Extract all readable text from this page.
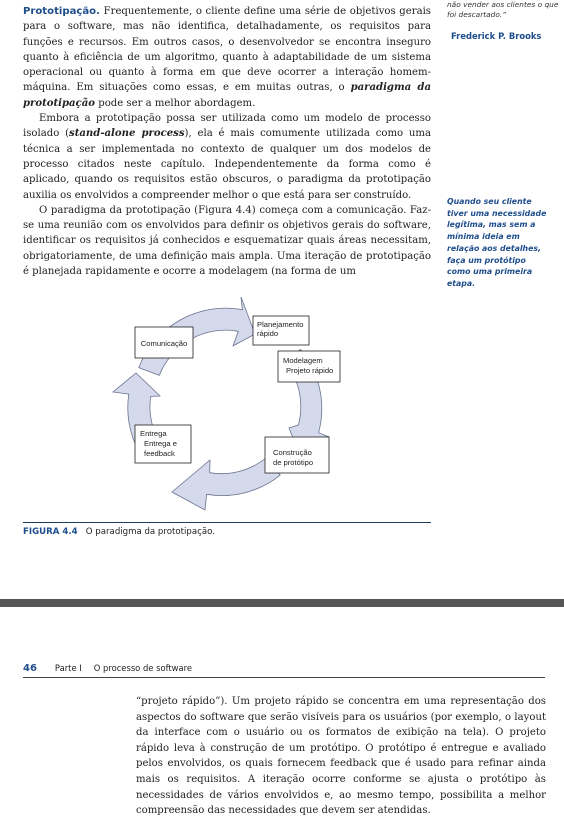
Prototipação. Frequentemente, o cliente define uma série de objetivos gerais para o software, mas não identifica, detalhadamente, os requisitos para funções e recursos. Em outros casos, o desenvolvedor se encontra inseguro quanto à eficiência de um algoritmo, quanto à adaptabilidade de um sistema operacional ou quanto à forma em que deve ocorrer a interação homem-máquina. Em situações como essas, e em muitas outras, o paradigma da prototipação pode ser a melhor abordagem.

Embora a prototipação possa ser utilizada como um modelo de processo isolado (stand-alone process), ela é mais comumente utilizada como uma técnica a ser implementada no contexto de qualquer um dos modelos de processo citados neste capítulo. Independentemente da forma como é aplicado, quando os requisitos estão obscuros, o paradigma da prototipação auxilia os envolvidos a compreender melhor o que está para ser construído.

O paradigma da prototipação (Figura 4.4) começa com a comunicação. Faz-se uma reunião com os envolvidos para definir os objetivos gerais do software, identificar os requisitos já conhecidos e esquematizar quais áreas necessitam, obrigatoriamente, de uma definição mais ampla. Uma iteração de prototipação é planejada rapidamente e ocorre a modelagem (na forma de um

não vender aos clientes o que foi descartado.”
Frederick P. Brooks
Quando seu cliente tiver uma necessidade legítima, mas sem a mínima ideia em relação aos detalhes, faça um protótipo como uma primeira etapa.
Comunicação
Planejamento
rápido
Modelagem
Projeto rápido
Construção
de protótipo
Entrega
Entrega e
feedback
FIGURA 4.4 O paradigma da prototipação.
46 Parte I O processo de software

“projeto rápido”). Um projeto rápido se concentra em uma representação dos aspectos do software que serão visíveis para os usuários (por exemplo, o layout da interface com o usuário ou os formatos de exibição na tela). O projeto rápido leva à construção de um protótipo. O protótipo é entregue e avaliado pelos envolvidos, os quais fornecem feedback que é usado para refinar ainda mais os requisitos. A iteração ocorre conforme se ajusta o protótipo às necessidades de vários envolvidos e, ao mesmo tempo, possibilita a melhor compreensão das necessidades que devem ser atendidas.
